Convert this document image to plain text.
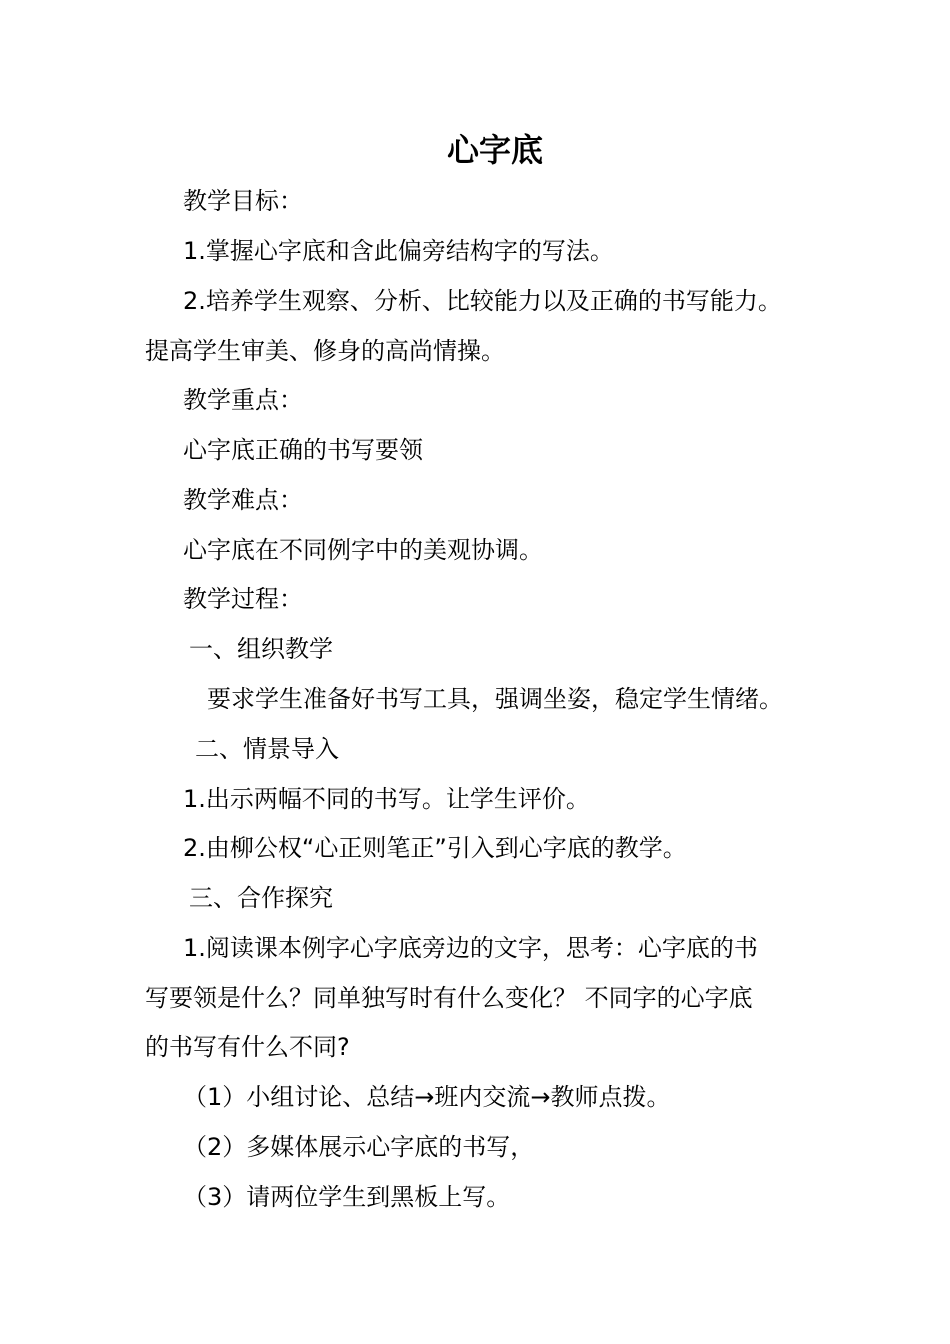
心字底
教学目标：
1.掌握心字底和含此偏旁结构字的写法。
2.培养学生观察、分析、比较能力以及正确的书写能力。
提高学生审美、修身的高尚情操。
教学重点：
心字底正确的书写要领
教学难点：
心字底在不同例字中的美观协调。
教学过程：
一、组织教学
要求学生准备好书写工具，强调坐姿，稳定学生情绪。
二、情景导入
1.出示两幅不同的书写。让学生评价。
2.由柳公权“心正则笔正”引入到心字底的教学。
三、合作探究
1.阅读课本例字心字底旁边的文字，思考：心字底的书
写要领是什么？同单独写时有什么变化？ 不同字的心字底
的书写有什么不同?
（1）小组讨论、总结→班内交流→教师点拨。
（2）多媒体展示心字底的书写，
（3）请两位学生到黑板上写。
